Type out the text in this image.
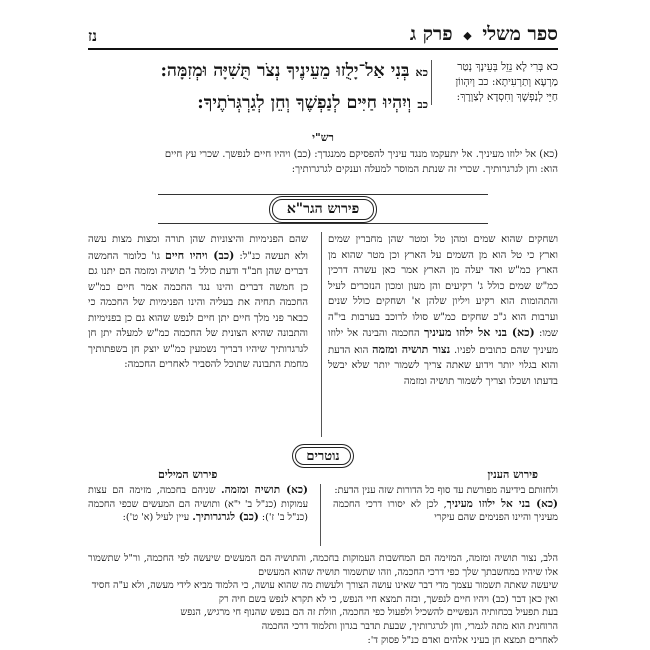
ספר משלי ◆ פרק ג
נז
כא בְּרִי לָא נֵזֵל בְּעֵינָךְ נְטַר
מַרְעָא וְתַרְעִיתָא: כב וְיִהְווֹן
חַיֵּי לְנַפְשָׁךְ וְחִסְדָא לְצַוְרָךְ:
כא בְּנִי אַל־יָלֻזוּ מֵעֵינֶיךָ נְצֹר תֻּשִׁיָּה וּמְזִמָּה:
כב וְיִהְיוּ חַיִּים לְנַפְשֶׁךָ וְחֵן לְגַרְגְּרֹתֶיךָ:
רש"י
(כא) אל ילוזו מעיניך. אל יתעקמו מנגד עיניך להפסיקם ממנגדך: (כב) ויהיו חיים לנפשך. שכרי עץ חיים
הוא: וחן לגרגרותיך. שכרי זה שנתת המוסר למעלה וענקים לגרגרותיך:
פירוש הגר"א
ושחקים שהוא שמים ומהן טל ומטר שהן מחברין שמים וארץ כי טל הוא מן השמים על הארץ וכן מטר שהוא מן הארץ כמ"ש ואד יעלה מן הארץ אמר כאן עשרה דרכין כמ"ש שמים כולל ג' רקיעים והן מעון ומכון הנזכרים לעיל והתהומות הוא רקיע ויליון שלהן א' ושחקים כולל שנים וערבות הוא ג"כ שחקים כמ"ש סולו לרוכב בערבות בי"ה שמו: (כא) בני אל ילוזו מעיניך החכמה והבינה אל ילוזו מעיניך שהם כתובים לפניו. נצור תושיה ומזמה הוא הדעת והוא בגלוי יותר וידוע שאתה צריך לשמור יותר שלא יבשל בדעתו ושכלו וצריך לשמור תושיה ומזמה
שהם הפנימיות והיצוניות שהן תורה ומצות מצות עשה ולא תעשה כנ"ל: (כב) ויהיו חיים גו' כלומר החמשה דברים שהן חב"ד ודעת כולל ב' תושיה ומזמה הם יתנו גם כן חמשה דברים והינו נגד החכמה אמר חיים כמ"ש החכמה תחיה את בעליה והינו הפנימיות של החכמה כי כבאר פני מלך חיים יתן חיים לנפש שהוא גם כן בפנימיות והתבונה שהיא הצונית של החכמה כמ"ש למעלה יתן חן לגרגרותיך שיהיו דבריך נשמעין כמ"ש יוצק חן בשפתותיך מחמת התבונה שתוכל להסביר לאחרים החכמה:
נוטרים
פירוש הענין
פירוש המילים
ולחזותם בידיעה מפורשת עד סוף כל הדורות שזה ענין הדעת:
(כא) בני אל ילוזו מעיניך, לכן לא יסורו דרכי החכמה מעיניך והיינו הפנימים שהם עיקרי
(כא) תושיה ומזמה. שניהם בחכמה, מזימה הם עצות עמוקות (כנ"ל ב' י"א) ותושיה הם המעשים שכפי החכמה (כנ"ל ב' ז'): (כב) לגרגרותיך. עיין לעיל (א' ט'):
הלב, נצור תושיה ומזמה, המזימה הם המחשבות העמוקות בחכמה, והתושיה הם המעשים שיעשה לפי החכמה, ור"ל שתשמור אלו שיהיו במחשבתך שלך כפי דרכי החכמה, וזהו שתשמור תושיה שהוא המעשים
שיעשה שאתה תשמור עצמך מדי דבר שאינו עושה הצורך ולעשות מה שהוא עושה, כי הלמוד מביא לידי מעשה, ולא ע"ה חסיד
ואין כאן דבר (כב) ויהיו חיים לנפשך, ובזה תמצא חיי הנפש, כי לא תקרא לנפש בשם חיה רק
בעת תפעיל בכחותיה הנפשיים להשכיל ולפעול כפי החכמה, וזולת זה הם בנפש שהנוף חי מרגיש, הנפש
הרוחנית הוא מתה לגמרי, וחן לגרגרותיך, שבעת תדבר בגרון ותלמוד דרכי החכמה
לאחרים תמצא חן בעיני אלהים ואדם כנ"ל פסוק ד':
